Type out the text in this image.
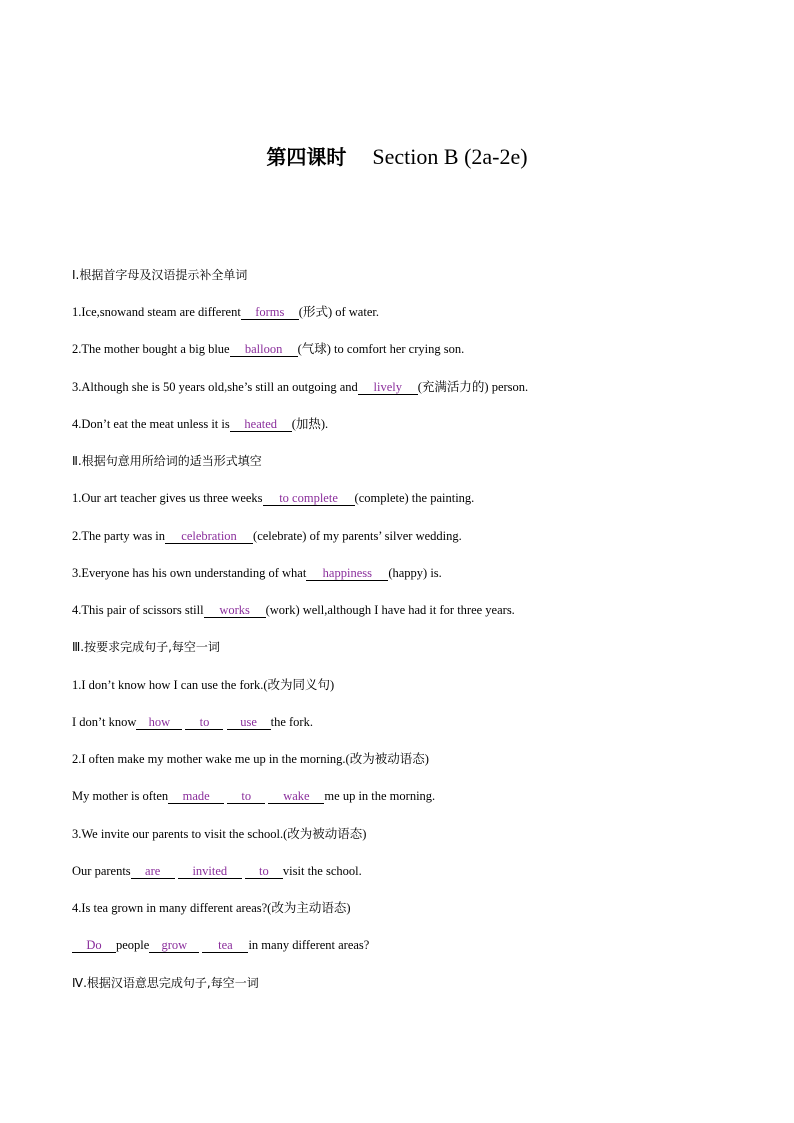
第四课时 Section B (2a-2e)
Ⅰ.根据首字母及汉语提示补全单词
1.Ice,snowand steam are different forms (形式) of water.
2.The mother bought a big blue balloon (气球) to comfort her crying son.
3.Although she is 50 years old,she’s still an outgoing and lively (充满活力的) person.
4.Don’t eat the meat unless it is heated (加热).
Ⅱ.根据句意用所给词的适当形式填空
1.Our art teacher gives us three weeks to complete (complete) the painting.
2.The party was in celebration (celebrate) of my parents’ silver wedding.
3.Everyone has his own understanding of what happiness (happy) is.
4.This pair of scissors still works (work) well,although I have had it for three years.
Ⅲ.按要求完成句子,每空一词
1.I don’t know how I can use the fork.(改为同义句)
I don’t know how to use the fork.
2.I often make my mother wake me up in the morning.(改为被动语态)
My mother is often made	to	wake me up in the morning.
3.We invite our parents to visit the school.(改为被动语态)
Our parents are	invited	to visit the school.
4.Is tea grown in many different areas?(改为主动语态)
Do people grow tea in many different areas?
Ⅳ.根据汉语意思完成句子,每空一词
